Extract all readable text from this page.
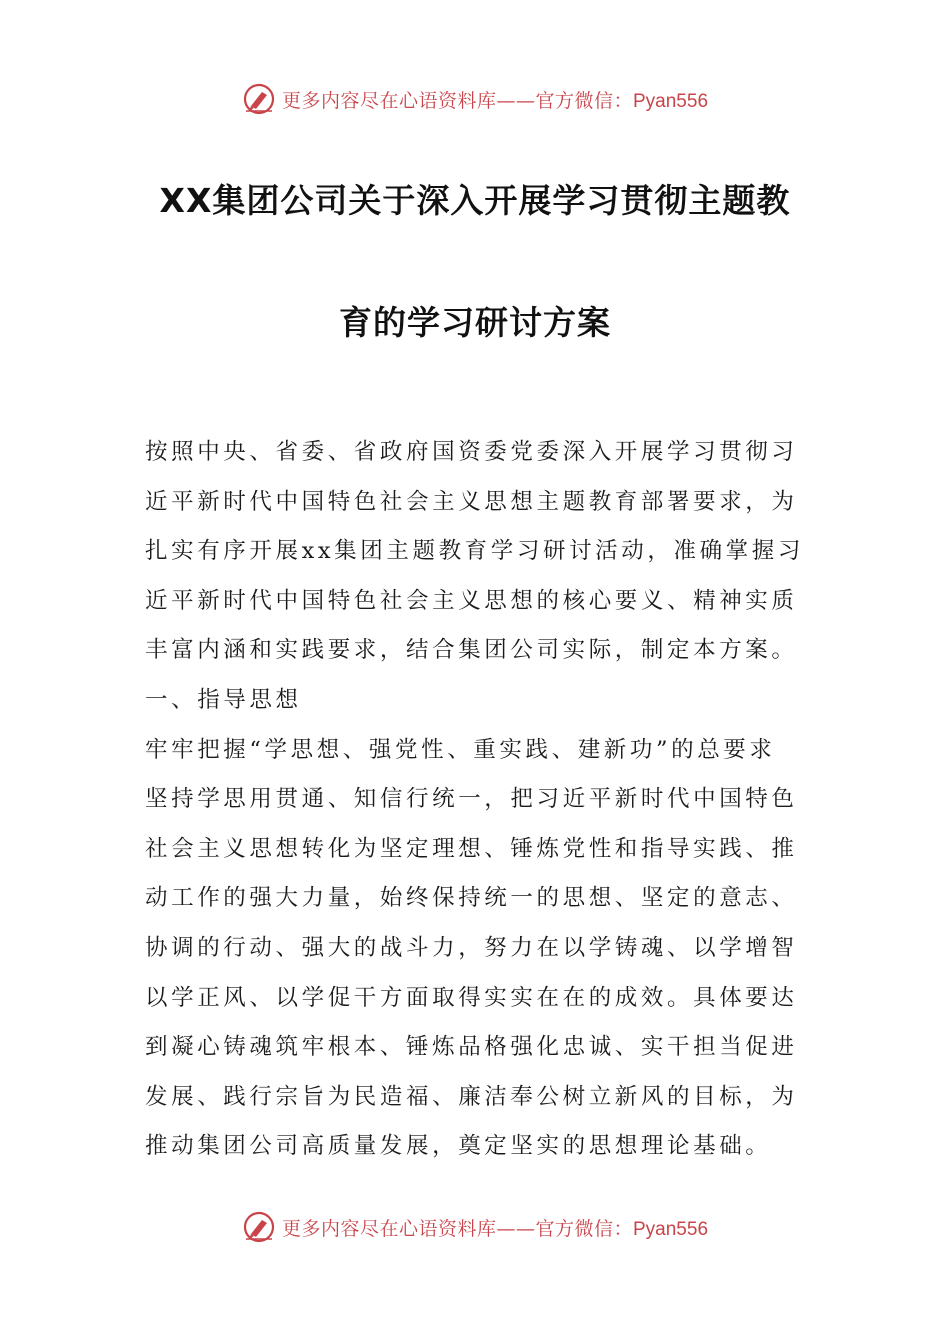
更多内容尽在心语资料库——官方微信：Pyan556
XX集团公司关于深入开展学习贯彻主题教
育的学习研讨方案
按照中央、省委、省政府国资委党委深入开展学习贯彻习
近平新时代中国特色社会主义思想主题教育部署要求，为
扎实有序开展xx集团主题教育学习研讨活动，准确掌握习
近平新时代中国特色社会主义思想的核心要义、精神实质
丰富内涵和实践要求，结合集团公司实际，制定本方案。
一、指导思想
牢牢把握“学思想、强党性、重实践、建新功”的总要求
坚持学思用贯通、知信行统一，把习近平新时代中国特色
社会主义思想转化为坚定理想、锤炼党性和指导实践、推
动工作的强大力量，始终保持统一的思想、坚定的意志、
协调的行动、强大的战斗力，努力在以学铸魂、以学增智
以学正风、以学促干方面取得实实在在的成效。具体要达
到凝心铸魂筑牢根本、锤炼品格强化忠诚、实干担当促进
发展、践行宗旨为民造福、廉洁奉公树立新风的目标，为
推动集团公司高质量发展，奠定坚实的思想理论基础。
更多内容尽在心语资料库——官方微信：Pyan556
